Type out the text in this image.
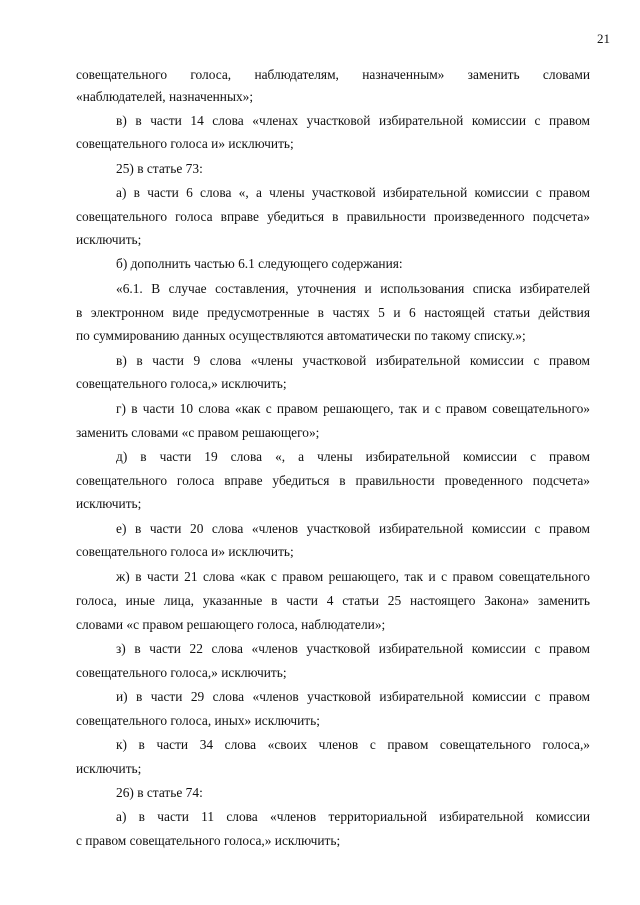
21
совещательного голоса, наблюдателям, назначенным» заменить словами
«наблюдателей, назначенных»;
в) в части 14 слова «членах участковой избирательной комиссии с правом
совещательного голоса и» исключить;
25) в статье 73:
а) в части 6 слова «, а члены участковой избирательной комиссии с правом
совещательного голоса вправе убедиться в правильности произведенного подсчета»
исключить;
б) дополнить частью 6.1 следующего содержания:
«6.1. В случае составления, уточнения и использования списка избирателей
в электронном виде предусмотренные в частях 5 и 6 настоящей статьи действия
по суммированию данных осуществляются автоматически по такому списку.»;
в) в части 9 слова «члены участковой избирательной комиссии с правом
совещательного голоса,» исключить;
г) в части 10 слова «как с правом решающего, так и с правом совещательного»
заменить словами «с правом решающего»;
д) в части 19 слова «, а члены избирательной комиссии с правом
совещательного голоса вправе убедиться в правильности проведенного подсчета»
исключить;
е) в части 20 слова «членов участковой избирательной комиссии с правом
совещательного голоса и» исключить;
ж) в части 21 слова «как с правом решающего, так и с правом совещательного
голоса, иные лица, указанные в части 4 статьи 25 настоящего Закона» заменить
словами «с правом решающего голоса, наблюдатели»;
з) в части 22 слова «членов участковой избирательной комиссии с правом
совещательного голоса,» исключить;
и) в части 29 слова «членов участковой избирательной комиссии с правом
совещательного голоса, иных» исключить;
к) в части 34 слова «своих членов с правом совещательного голоса,»
исключить;
26) в статье 74:
а) в части 11 слова «членов территориальной избирательной комиссии
с правом совещательного голоса,» исключить;
